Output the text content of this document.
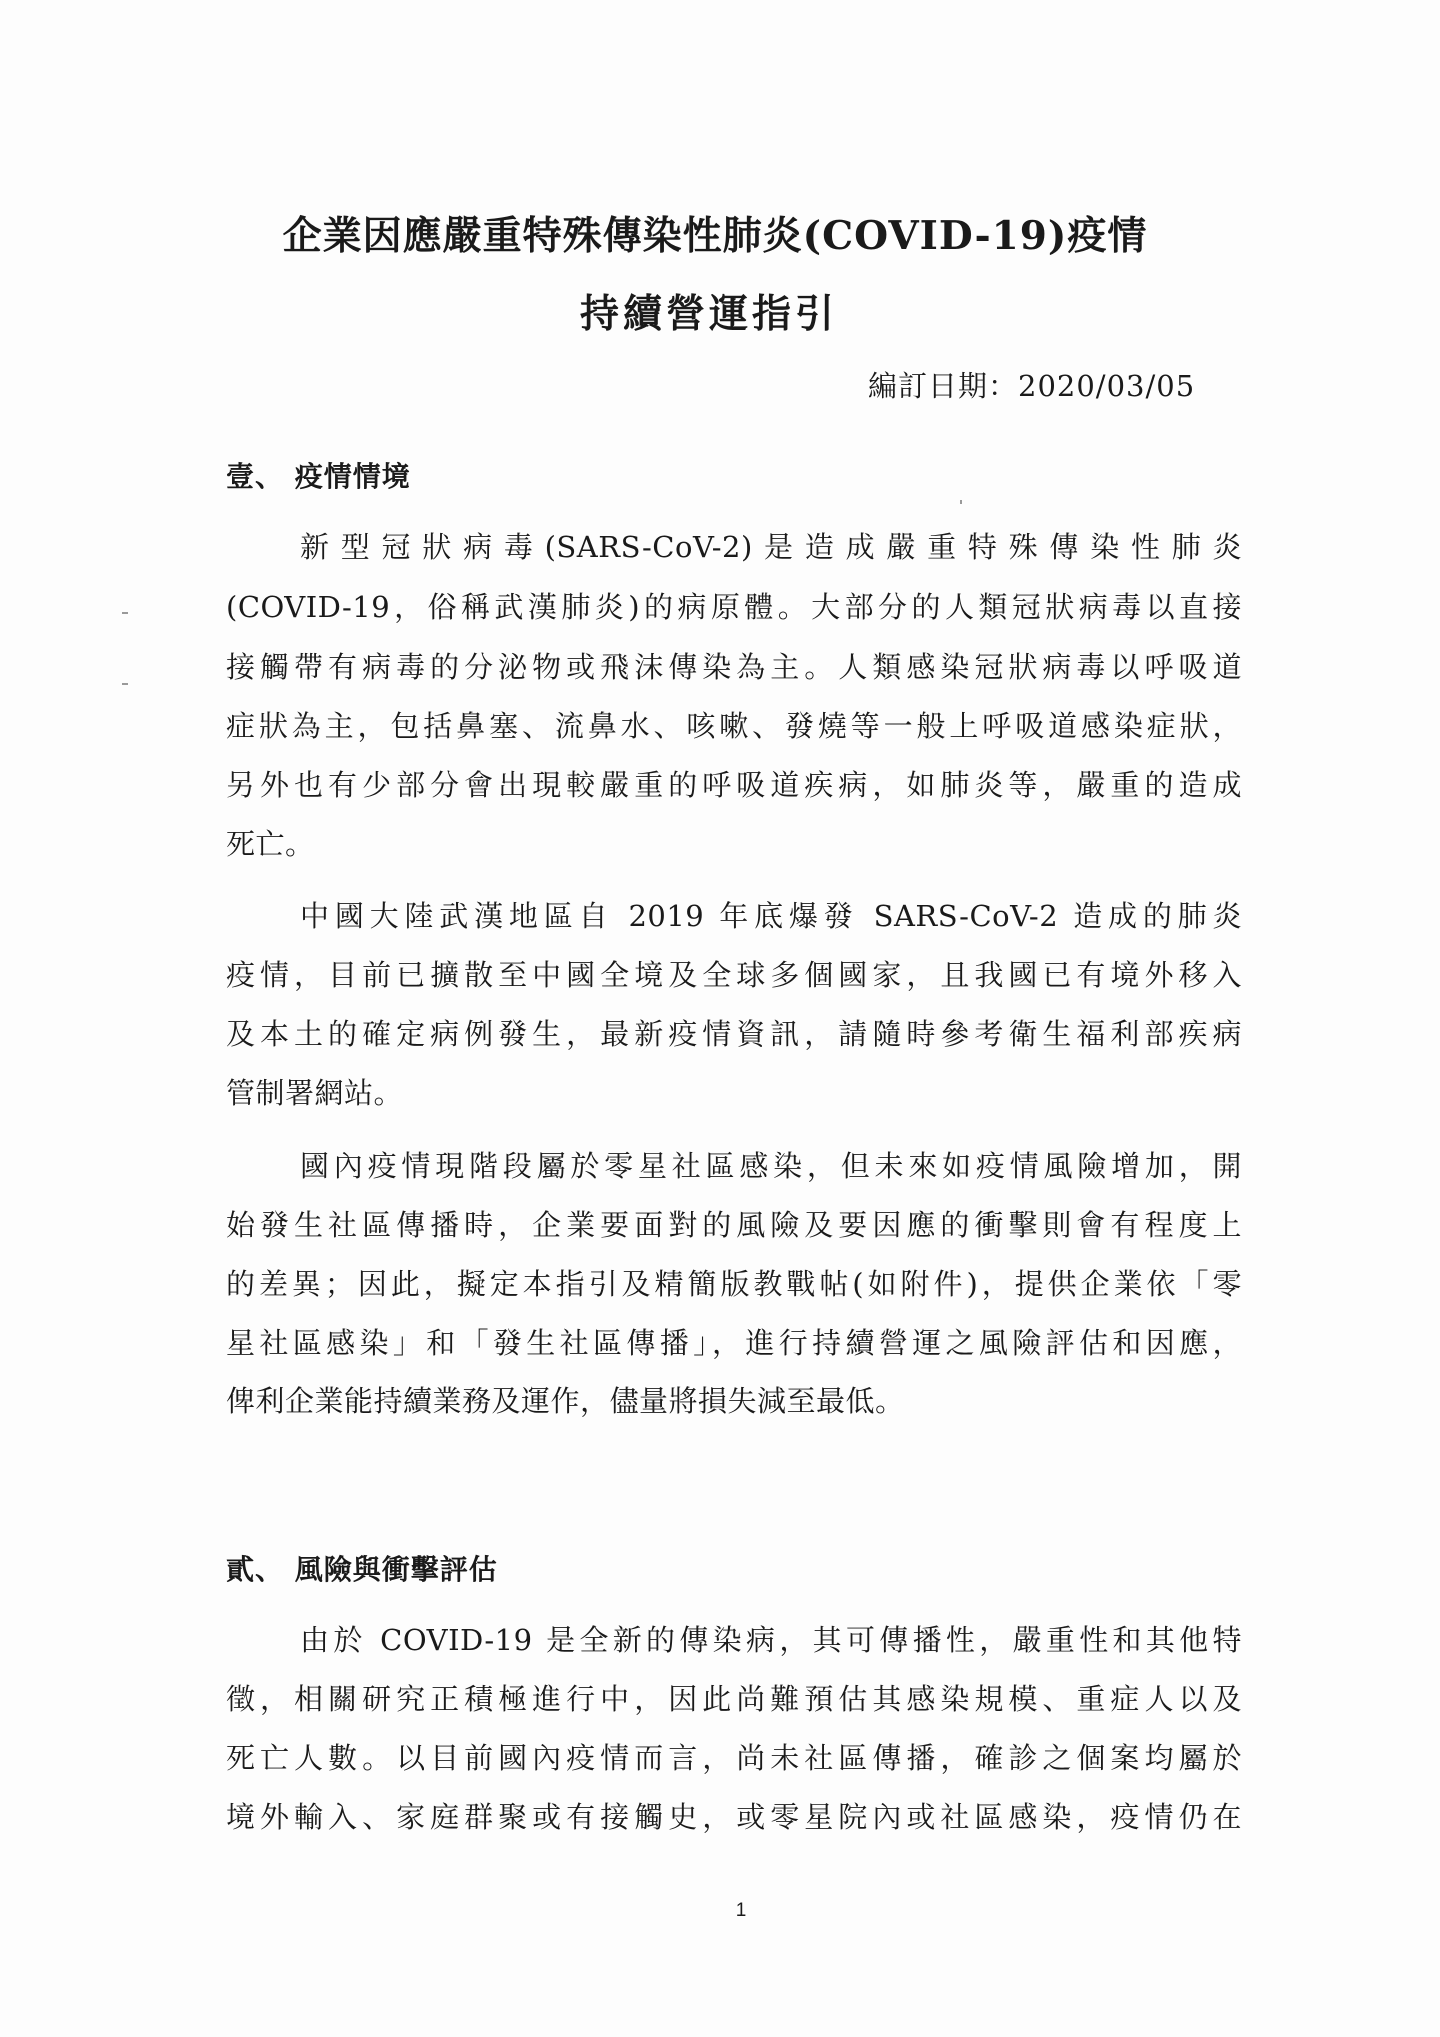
企業因應嚴重特殊傳染性肺炎(COVID-19)疫情
持續營運指引
編訂日期：2020/03/05
壹、 疫情情境
新型冠狀病毒(SARS-CoV-2)是造成嚴重特殊傳染性肺炎
(COVID-19，俗稱武漢肺炎)的病原體。大部分的人類冠狀病毒以直接
接觸帶有病毒的分泌物或飛沫傳染為主。人類感染冠狀病毒以呼吸道
症狀為主，包括鼻塞、流鼻水、咳嗽、發燒等一般上呼吸道感染症狀，
另外也有少部分會出現較嚴重的呼吸道疾病，如肺炎等，嚴重的造成
死亡。
中國大陸武漢地區自 2019 年底爆發 SARS-CoV-2 造成的肺炎
疫情，目前已擴散至中國全境及全球多個國家，且我國已有境外移入
及本土的確定病例發生，最新疫情資訊，請隨時參考衛生福利部疾病
管制署網站。
國內疫情現階段屬於零星社區感染，但未來如疫情風險增加，開
始發生社區傳播時，企業要面對的風險及要因應的衝擊則會有程度上
的差異；因此，擬定本指引及精簡版教戰帖(如附件)，提供企業依「零
星社區感染」和「發生社區傳播」，進行持續營運之風險評估和因應，
俾利企業能持續業務及運作，儘量將損失減至最低。
貳、 風險與衝擊評估
由於 COVID-19 是全新的傳染病，其可傳播性，嚴重性和其他特
徵，相關研究正積極進行中，因此尚難預估其感染規模、重症人以及
死亡人數。以目前國內疫情而言，尚未社區傳播，確診之個案均屬於
境外輸入、家庭群聚或有接觸史，或零星院內或社區感染，疫情仍在
1
